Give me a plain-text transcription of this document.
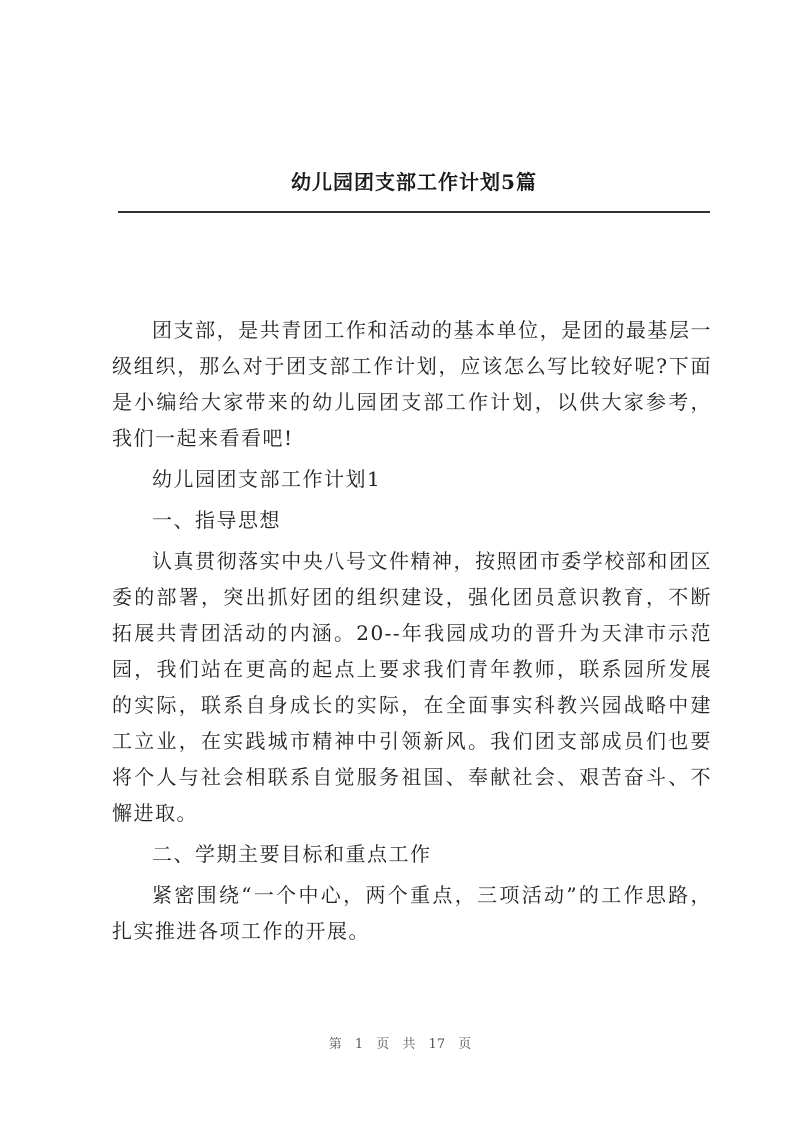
幼儿园团支部工作计划5篇

团支部，是共青团工作和活动的基本单位，是团的最基层一级组织，那么对于团支部工作计划，应该怎么写比较好呢?下面是小编给大家带来的幼儿园团支部工作计划，以供大家参考，我们一起来看看吧!

幼儿园团支部工作计划1

一、指导思想

认真贯彻落实中央八号文件精神，按照团市委学校部和团区委的部署，突出抓好团的组织建设，强化团员意识教育，不断拓展共青团活动的内涵。20--年我园成功的晋升为天津市示范园，我们站在更高的起点上要求我们青年教师，联系园所发展的实际，联系自身成长的实际，在全面事实科教兴园战略中建工立业，在实践城市精神中引领新风。我们团支部成员们也要将个人与社会相联系自觉服务祖国、奉献社会、艰苦奋斗、不懈进取。

二、学期主要目标和重点工作

紧密围绕“一个中心，两个重点，三项活动”的工作思路，扎实推进各项工作的开展。

第 1 页 共 17 页
